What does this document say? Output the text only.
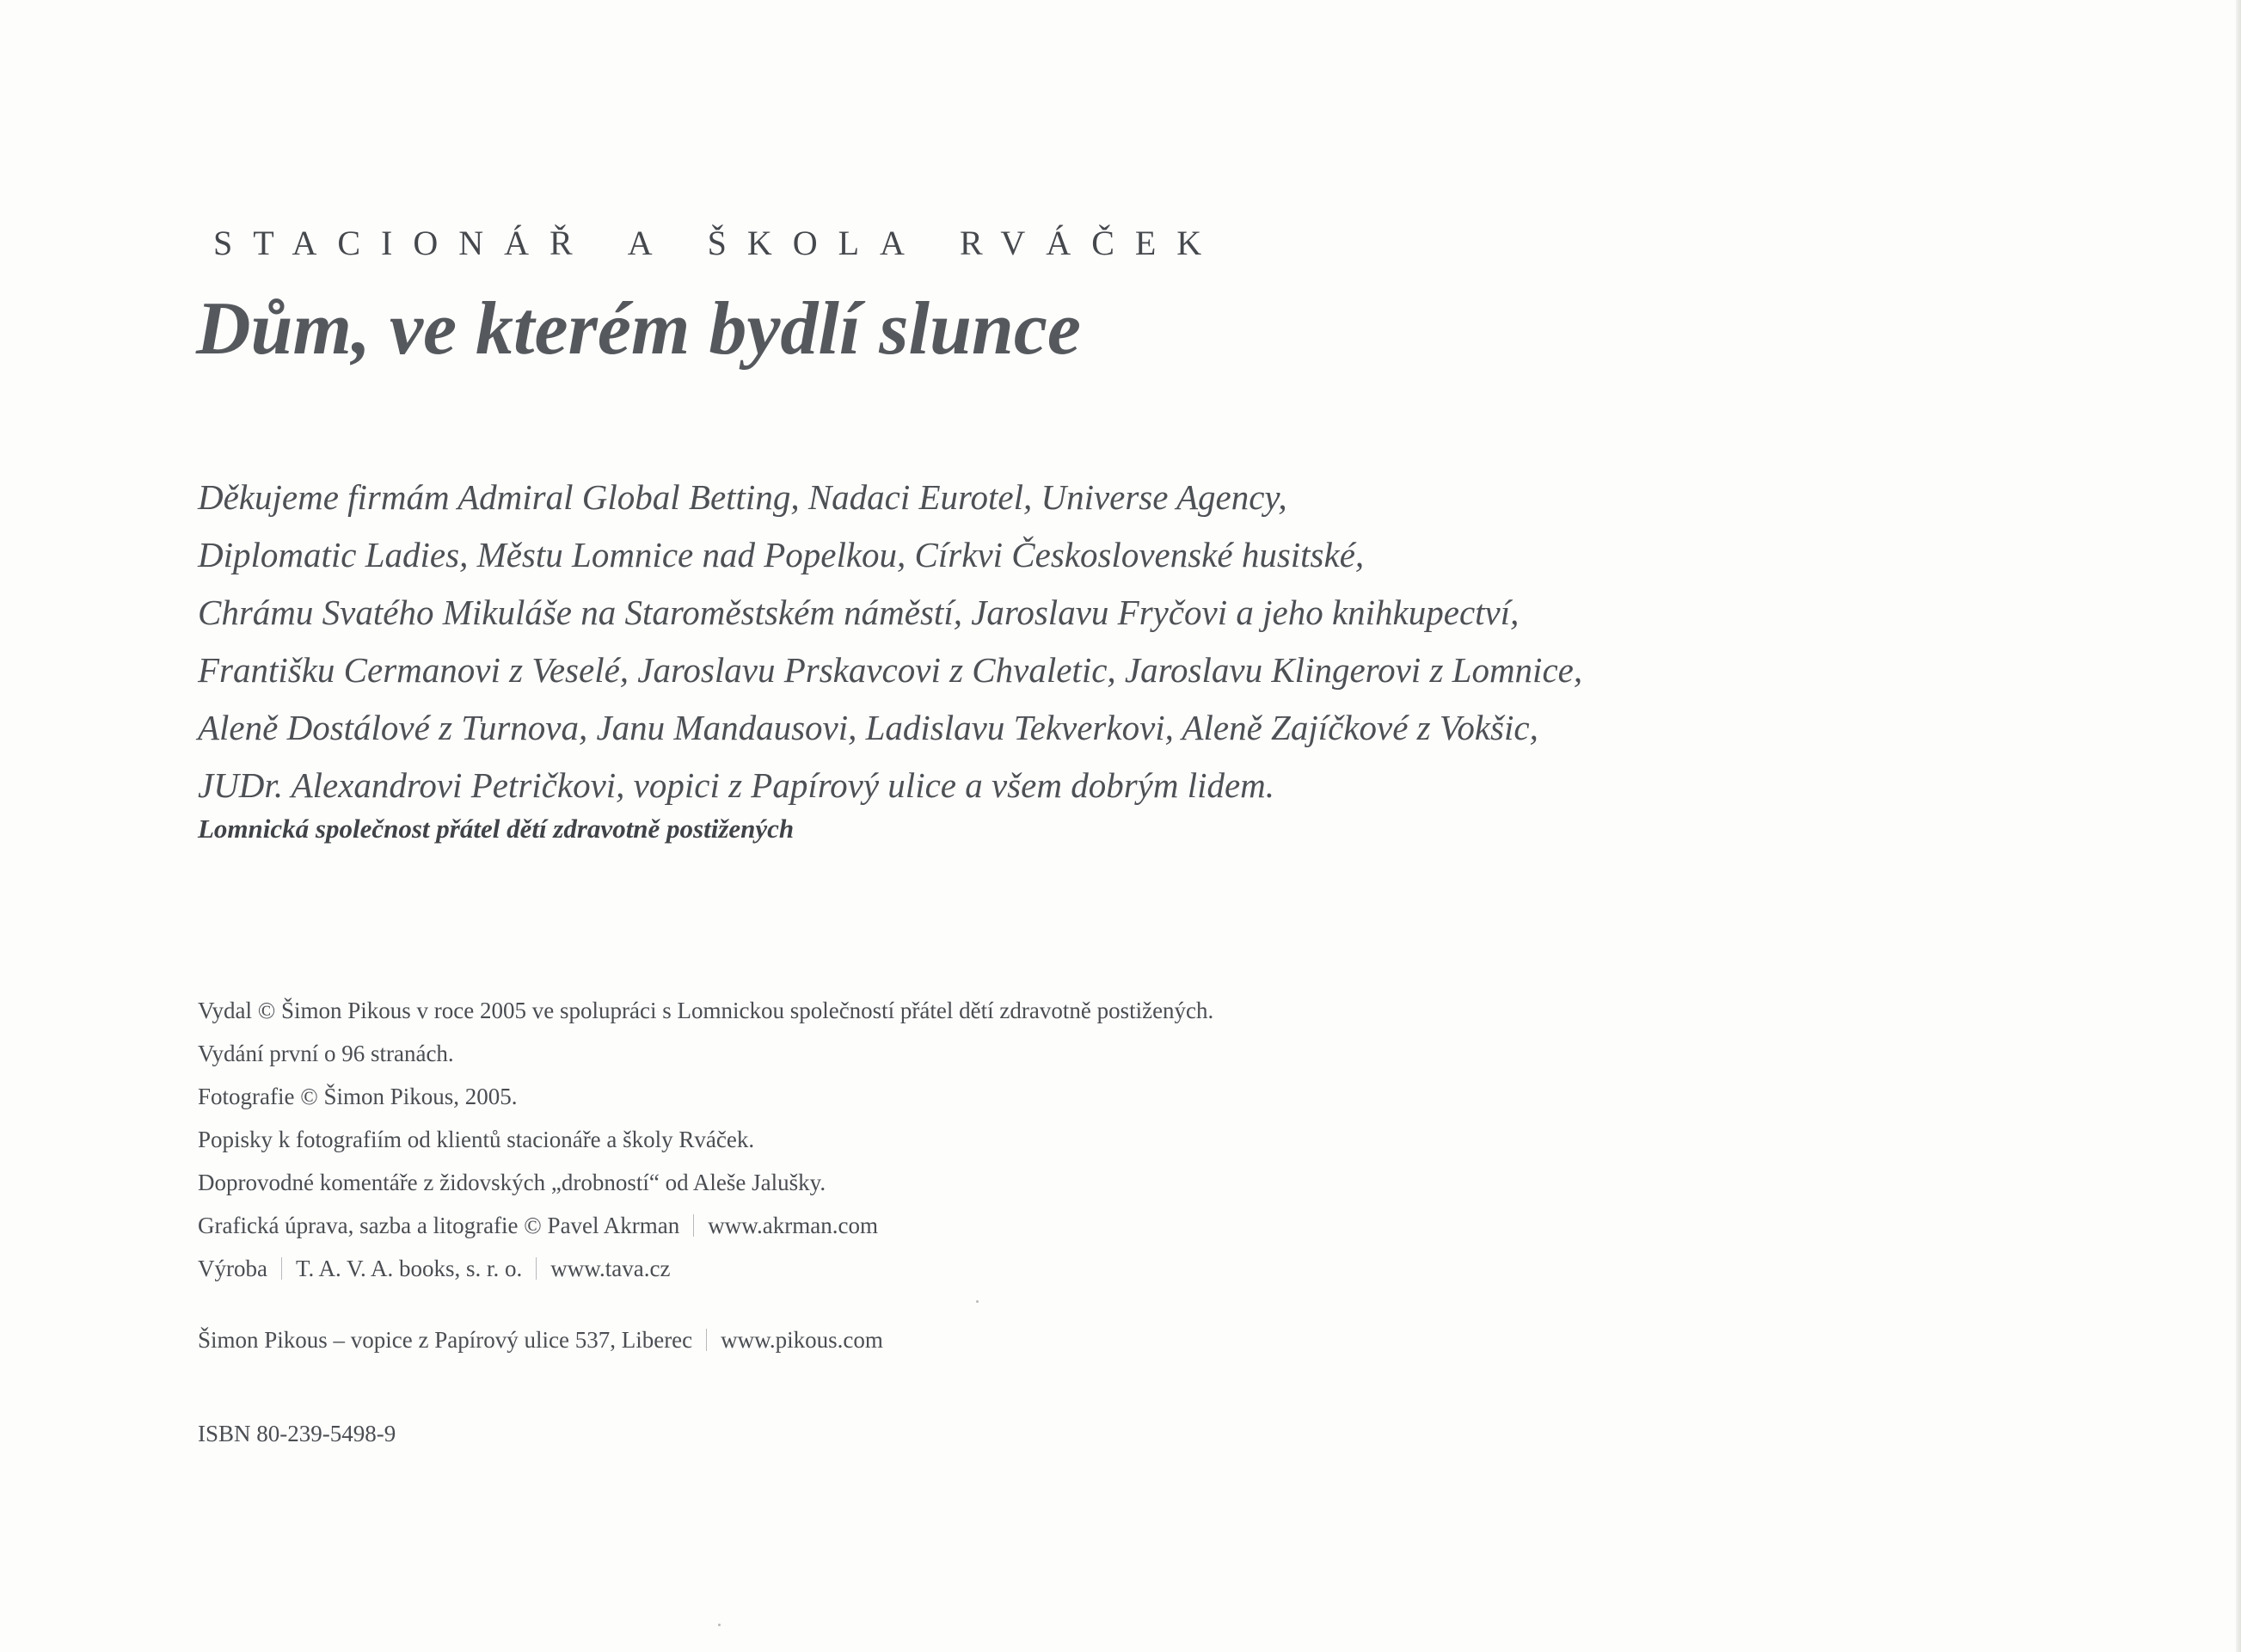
STACIONÁŘ A ŠKOLA RVÁČEK
Dům, ve kterém bydlí slunce
Děkujeme firmám Admiral Global Betting, Nadaci Eurotel, Universe Agency,
Diplomatic Ladies, Městu Lomnice nad Popelkou, Církvi Československé husitské,
Chrámu Svatého Mikuláše na Staroměstském náměstí, Jaroslavu Fryčovi a jeho knihkupectví,
Františku Cermanovi z Veselé, Jaroslavu Prskavcovi z Chvaletic, Jaroslavu Klingerovi z Lomnice,
Aleně Dostálové z Turnova, Janu Mandausovi, Ladislavu Tekverkovi, Aleně Zajíčkové z Vokšic,
JUDr. Alexandrovi Petričkovi, vopici z Papírový ulice a všem dobrým lidem.
Lomnická společnost přátel dětí zdravotně postižených
Vydal © Šimon Pikous v roce 2005 ve spolupráci s Lomnickou společností přátel dětí zdravotně postižených.
Vydání první o 96 stranách.
Fotografie © Šimon Pikous, 2005.
Popisky k fotografiím od klientů stacionáře a školy Rváček.
Doprovodné komentáře z židovských „drobností“ od Aleše Jalušky.
Grafická úprava, sazba a litografie © Pavel Akrman www.akrman.com
Výroba T. A. V. A. books, s. r. o. www.tava.cz
Šimon Pikous – vopice z Papírový ulice 537, Liberec www.pikous.com
ISBN 80-239-5498-9
